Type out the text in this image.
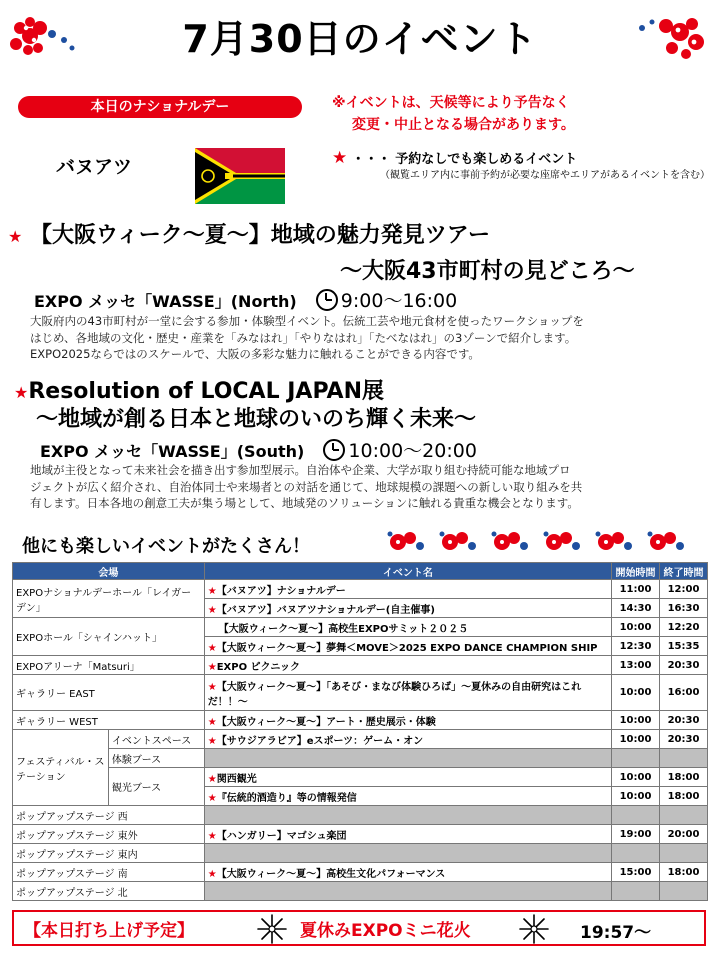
7月30日のイベント
本日のナショナルデー
バヌアツ
※イベントは、天候等により予告なく
変更・中止となる場合があります。
★ ・・・ 予約なしでも楽しめるイベント
（観覧エリア内に事前予約が必要な座席やエリアがあるイベントを含む）
★ 【大阪ウィーク〜夏〜】地域の魅力発見ツアー
〜大阪43市町村の見どころ〜
EXPO メッセ「WASSE」(North) 9:00〜16:00
大阪府内の43市町村が一堂に会する参加・体験型イベント。伝統工芸や地元食材を使ったワークショップを
はじめ、各地域の文化・歴史・産業を「みなはれ」「やりなはれ」「たべなはれ」の3ゾーンで紹介します。
EXPO2025ならではのスケールで、大阪の多彩な魅力に触れることができる内容です。
★Resolution of LOCAL JAPAN展
〜地域が創る日本と地球のいのち輝く未来〜
EXPO メッセ「WASSE」(South) 10:00〜20:00
地域が主役となって未来社会を描き出す参加型展示。自治体や企業、大学が取り組む持続可能な地域プロ
ジェクトが広く紹介され、自治体同士や来場者との対話を通じて、地球規模の課題への新しい取り組みを共
有します。日本各地の創意工夫が集う場として、地域発のソリューションに触れる貴重な機会となります。
他にも楽しいイベントがたくさん！
会場		イベント名	開始時間	終了時間
EXPOナショナルデーホール「レイガーデン」		★【バヌアツ】ナショナルデー	11:00	12:00
		★【バヌアツ】バヌアツナショナルデー(自主催事)	14:30	16:30
EXPOホール「シャインハット」		【大阪ウィーク〜夏〜】高校生EXPOサミット２０２５	10:00	12:20
		★【大阪ウィーク〜夏〜】夢舞＜MOVE＞2025 EXPO DANCE CHAMPION SHIP	12:30	15:35
EXPOアリーナ「Matsuri」		★EXPO ピクニック	13:00	20:30
ギャラリー EAST		★【大阪ウィーク〜夏〜】「あそび・まなび体験ひろば」〜夏休みの自由研究はこれだ！！〜	10:00	16:00
ギャラリー WEST		★【大阪ウィーク〜夏〜】アート・歴史展示・体験	10:00	20:30
フェスティバル・ステーション	イベントスペース	★【サウジアラビア】eスポーツ：ゲーム・オン	10:00	20:30
	体験ブース			
	観光ブース	★関西観光	10:00	18:00
		★『伝統的酒造り』等の情報発信	10:00	18:00
ポップアップステージ 西				
ポップアップステージ 東外		★【ハンガリー】マゴシュ楽団	19:00	20:00
ポップアップステージ 東内				
ポップアップステージ 南		★【大阪ウィーク〜夏〜】高校生文化パフォーマンス	15:00	18:00
ポップアップステージ 北				
【本日打ち上げ予定】	夏休みEXPOミニ花火	19:57〜
